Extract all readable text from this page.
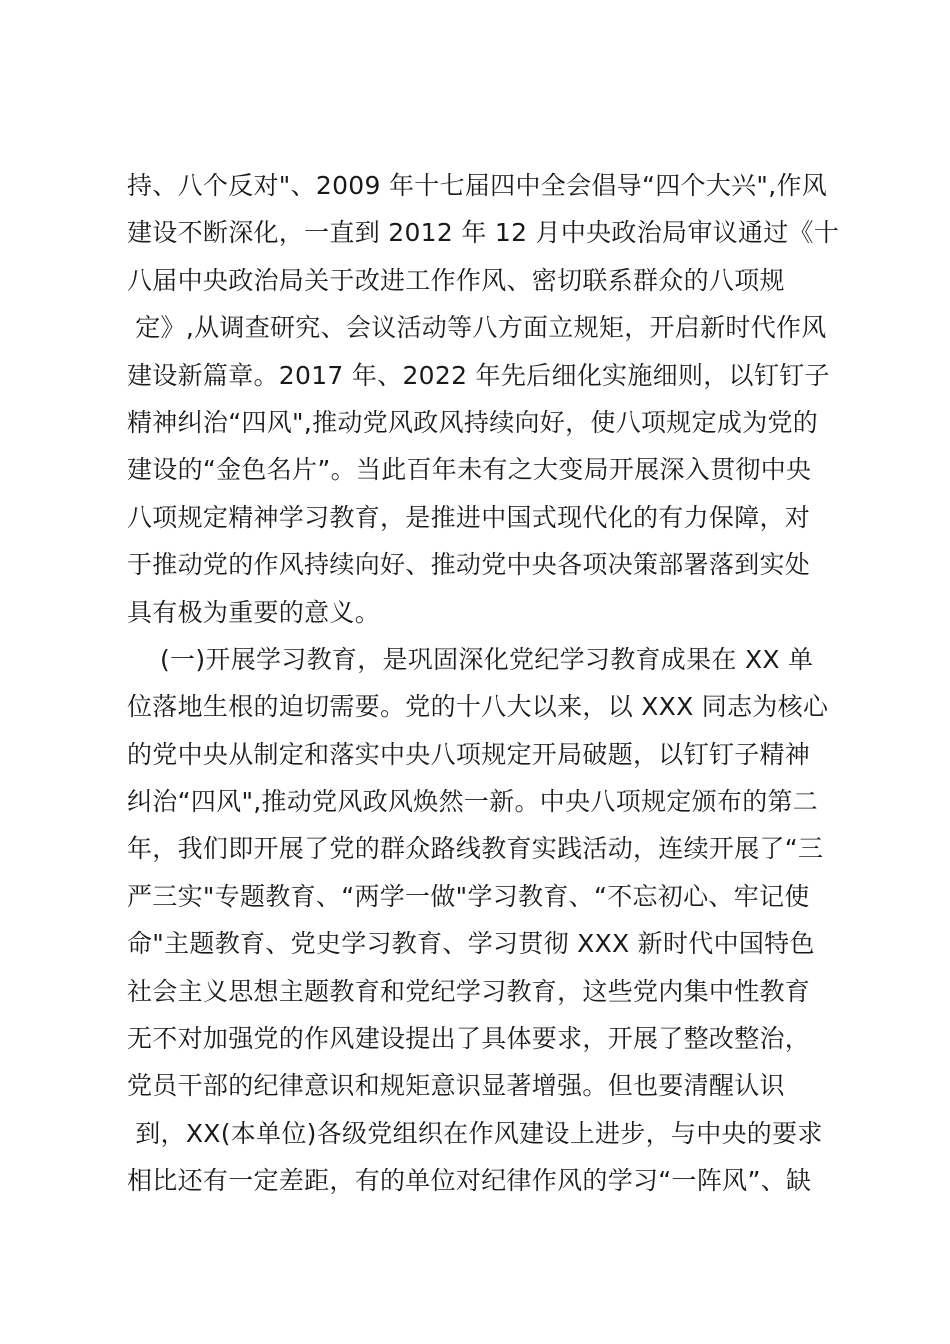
持、八个反对"、2009 年十七届四中全会倡导“四个大兴",作风
建设不断深化，一直到 2012 年 12 月中央政治局审议通过《十
八届中央政治局关于改进工作作风、密切联系群众的八项规
定》,从调查研究、会议活动等八方面立规矩，开启新时代作风
建设新篇章。2017 年、2022 年先后细化实施细则，以钉钉子
精神纠治“四风",推动党风政风持续向好，使八项规定成为党的
建设的“金色名片”。当此百年未有之大变局开展深入贯彻中央
八项规定精神学习教育，是推进中国式现代化的有力保障，对
于推动党的作风持续向好、推动党中央各项决策部署落到实处
具有极为重要的意义。
(一)开展学习教育，是巩固深化党纪学习教育成果在 XX 单
位落地生根的迫切需要。党的十八大以来，以 XXX 同志为核心
的党中央从制定和落实中央八项规定开局破题，以钉钉子精神
纠治“四风",推动党风政风焕然一新。中央八项规定颁布的第二
年，我们即开展了党的群众路线教育实践活动，连续开展了“三
严三实"专题教育、“两学一做"学习教育、“不忘初心、牢记使
命"主题教育、党史学习教育、学习贯彻 XXX 新时代中国特色
社会主义思想主题教育和党纪学习教育，这些党内集中性教育
无不对加强党的作风建设提出了具体要求，开展了整改整治，
党员干部的纪律意识和规矩意识显著增强。但也要清醒认识
到，XX(本单位)各级党组织在作风建设上进步，与中央的要求
相比还有一定差距，有的单位对纪律作风的学习“一阵风”、缺
